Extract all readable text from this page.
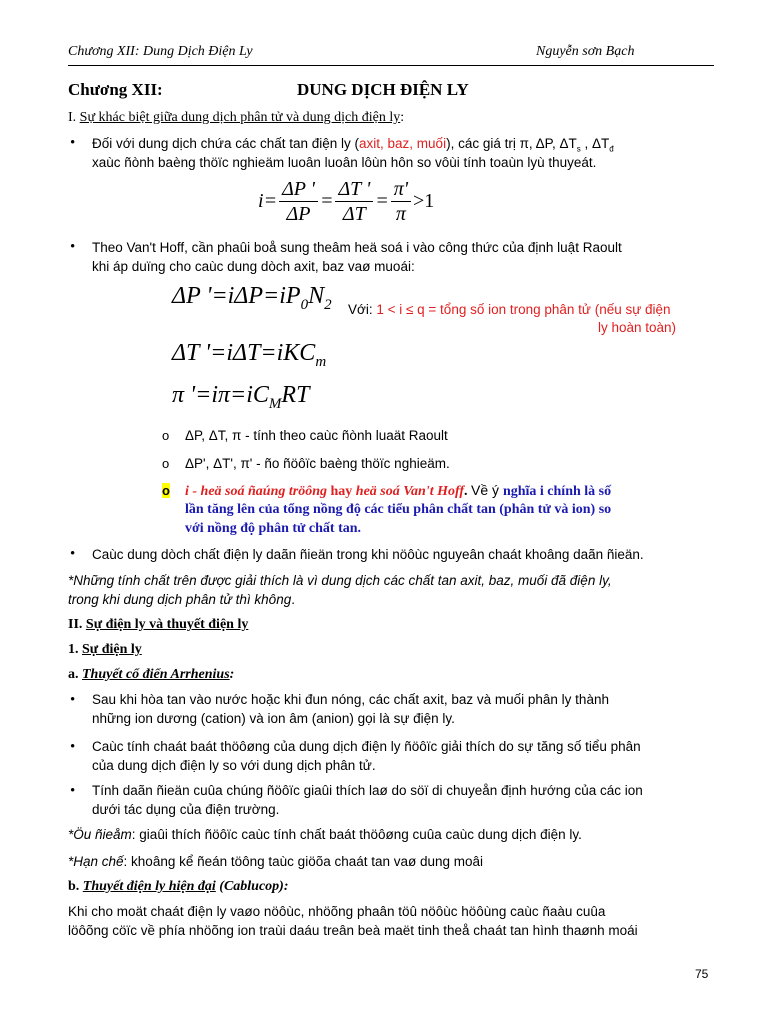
Chương XII: Dung Dịch Điện Ly	Nguyễn sơn Bạch
Chương XII:	DUNG DỊCH ĐIỆN LY
I. Sự khác biệt giữa dung dịch phân tử và dung dịch điện ly:
• Đối với dung dịch chứa các chất tan điện ly (axit, baz, muối), các giá trị π, ΔP, $\Delta T_s$ , $\Delta T_đ$
xaùc ñònh baèng thöïc nghieäm luoân luoân lôùn hôn so vôùi tính toaùn lyù thuyeát.
$i = \frac{\Delta P '}{\Delta P} = \frac{\Delta T '}{\Delta T} = \frac{\pi'}{\pi} >1$
• Theo Van't Hoff, cần phaûi boå sung theâm heä soá i vào công thức của định luật Raoult
khi áp duïng cho caùc dung dòch axit, baz vaø muoái:
ΔP '$=i\Delta P=iP_0N_2$ Với: 1 < i ≤ q = tổng số ion trong phân tử (nếu sự điện
ly hoàn toàn)
ΔT '=iΔT=iKC$_m$
π '$=i\pi=iC_MRT$
o ΔP, ΔT, π - tính theo caùc ñònh luaät Raoult
o ΔP', ΔT', π' - ño ñöôïc baèng thöïc nghieäm.
o i - heä soá ñaúng tröông hay heä soá Van't Hoff. Về ý nghĩa i chính là số
lần tăng lên của tổng nồng độ các tiểu phân chất tan (phân tử và ion) so
với nồng độ phân tử chất tan.
• Caùc dung dòch chất điện ly daãn ñieän trong khi nöôùc nguyeân chaát khoâng daãn ñieän.
*Những tính chất trên được giải thích là vì dung dịch các chất tan axit, baz, muối đã điện ly,
trong khi dung dịch phân tử thì không.
II. Sự điện ly và thuyết điện ly
1. Sự điện ly
a. Thuyết cổ điển Arrhenius:
• Sau khi hòa tan vào nước hoặc khi đun nóng, các chất axit, baz và muối phân ly thành
những ion dương (cation) và ion âm (anion) gọi là sự điện ly.
• Caùc tính chaát baát thöôøng của dung dịch điện ly ñöôïc giải thích do sự tăng số tiểu phân
của dung dịch điện ly so với dung dịch phân tử.
• Tính daãn ñieän cuûa chúng ñöôïc giaûi thích laø do söï di chuyeån định hướng của các ion
dưới tác dụng của điện trường.
*Öu ñieåm: giaûi thích ñöôïc caùc tính chất baát thöôøng cuûa caùc dung dịch điện ly.
*Hạn chế: khoâng kể ñeán töông taùc giöõa chaát tan vaø dung moâi
b. Thuyết điện ly hiện đại (Cablucop):
Khi cho moät chaát điện ly vaøo nöôùc, nhöõng phaân töû nöôùc höôùng caùc ñaàu cuûa
löôõng cöïc về phía nhöõng ion traùi daáu treân beà maët tinh theå chaát tan hình thaønh moái
75
